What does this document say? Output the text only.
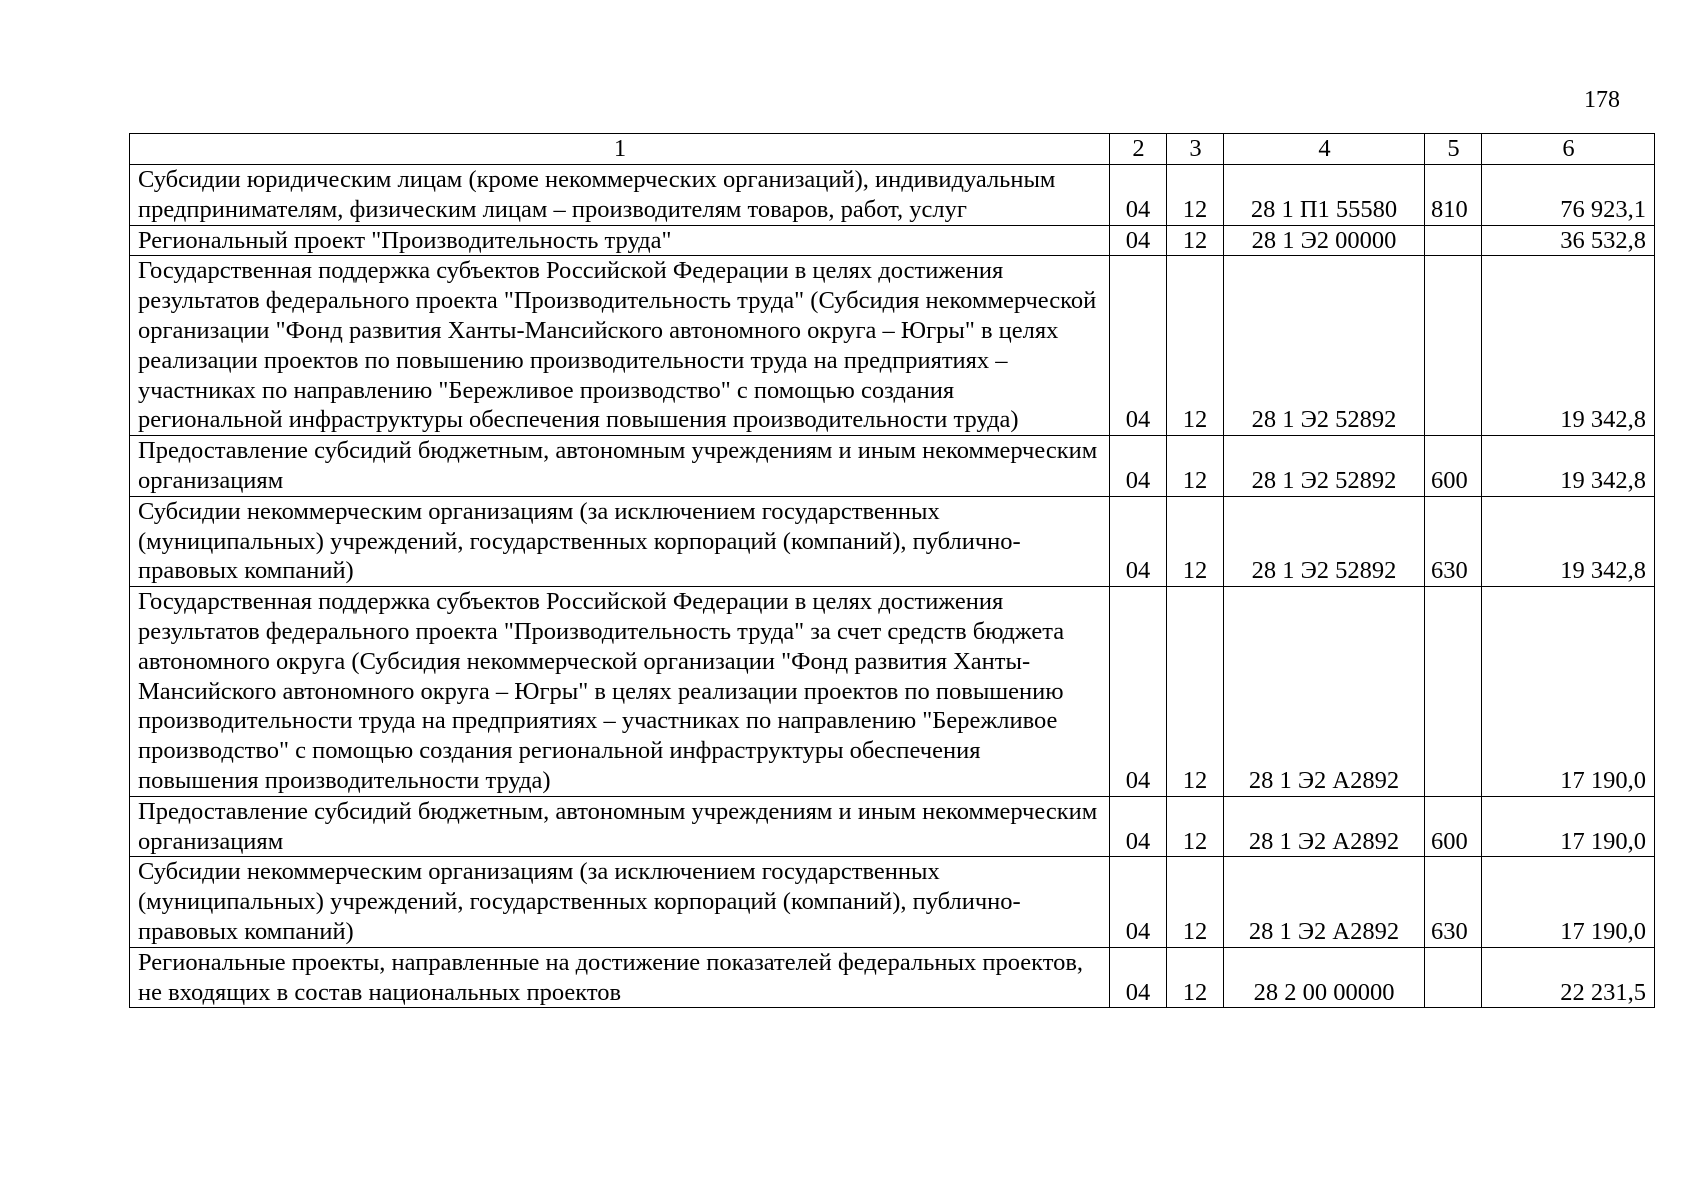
178
1	2	3	4	5	6
Субсидии юридическим лицам (кроме некоммерческих организаций), индивидуальным предпринимателям, физическим лицам – производителям товаров, работ, услуг	04	12	28 1 П1 55580	810	76 923,1
Региональный проект "Производительность труда"	04	12	28 1 Э2 00000		36 532,8
Государственная поддержка субъектов Российской Федерации в целях достижения результатов федерального проекта "Производительность труда" (Субсидия некоммерческой организации "Фонд развития Ханты-Мансийского автономного округа – Югры" в целях реализации проектов по повышению производительности труда на предприятиях – участниках по направлению "Бережливое производство" с помощью создания региональной инфраструктуры обеспечения повышения производительности труда)	04	12	28 1 Э2 52892		19 342,8
Предоставление субсидий бюджетным, автономным учреждениям и иным некоммерческим организациям	04	12	28 1 Э2 52892	600	19 342,8
Субсидии некоммерческим организациям (за исключением государственных (муниципальных) учреждений, государственных корпораций (компаний), публично-правовых компаний)	04	12	28 1 Э2 52892	630	19 342,8
Государственная поддержка субъектов Российской Федерации в целях достижения результатов федерального проекта "Производительность труда" за счет средств бюджета автономного округа (Субсидия некоммерческой организации "Фонд развития Ханты-Мансийского автономного округа – Югры" в целях реализации проектов по повышению производительности труда на предприятиях – участниках по направлению "Бережливое производство" с помощью создания региональной инфраструктуры обеспечения повышения производительности труда)	04	12	28 1 Э2 А2892		17 190,0
Предоставление субсидий бюджетным, автономным учреждениям и иным некоммерческим организациям	04	12	28 1 Э2 А2892	600	17 190,0
Субсидии некоммерческим организациям (за исключением государственных (муниципальных) учреждений, государственных корпораций (компаний), публично-правовых компаний)	04	12	28 1 Э2 А2892	630	17 190,0
Региональные проекты, направленные на достижение показателей федеральных проектов, не входящих в состав национальных проектов	04	12	28 2 00 00000		22 231,5
